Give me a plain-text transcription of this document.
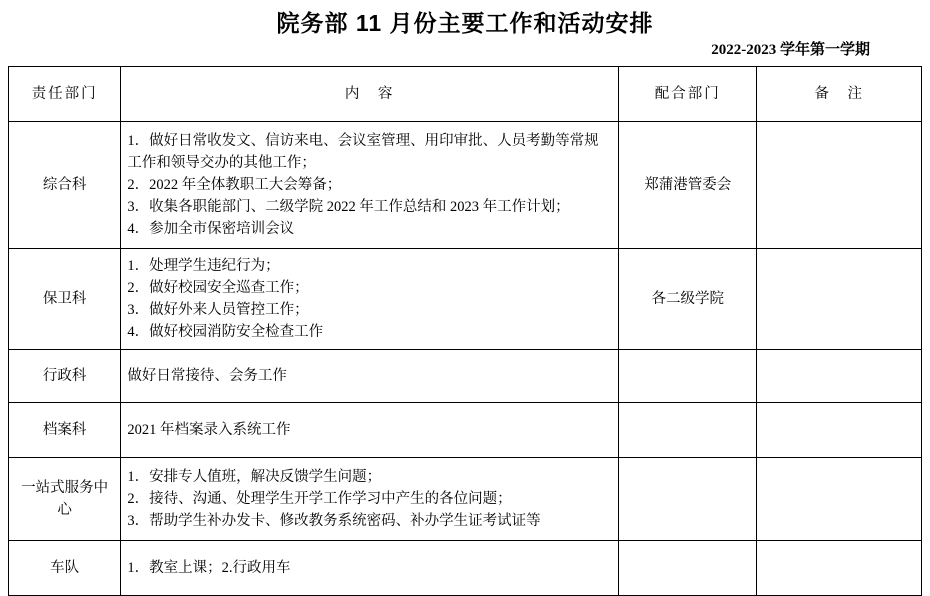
院务部 11 月份主要工作和活动安排
2022-2023 学年第一学期
责任部门	内　容	配合部门	备　注
综合科	1．做好日常收发文、信访来电、会议室管理、用印审批、人员考勤等常规
工作和领导交办的其他工作；
2．2022 年全体教职工大会筹备；
3．收集各职能部门、二级学院 2022 年工作总结和 2023 年工作计划；
4．参加全市保密培训会议	郑蒲港管委会	
保卫科	1．处理学生违纪行为；
2．做好校园安全巡查工作；
3．做好外来人员管控工作；
4．做好校园消防安全检查工作	各二级学院	
行政科	做好日常接待、会务工作		

档案科	2021 年档案录入系统工作		

一站式服务中心	1．安排专人值班，解决反馈学生问题；
2．接待、沟通、处理学生开学工作学习中产生的各位问题；
3．帮助学生补办发卡、修改教务系统密码、补办学生证考试证等		

车队	1．教室上课；2.行政用车		
